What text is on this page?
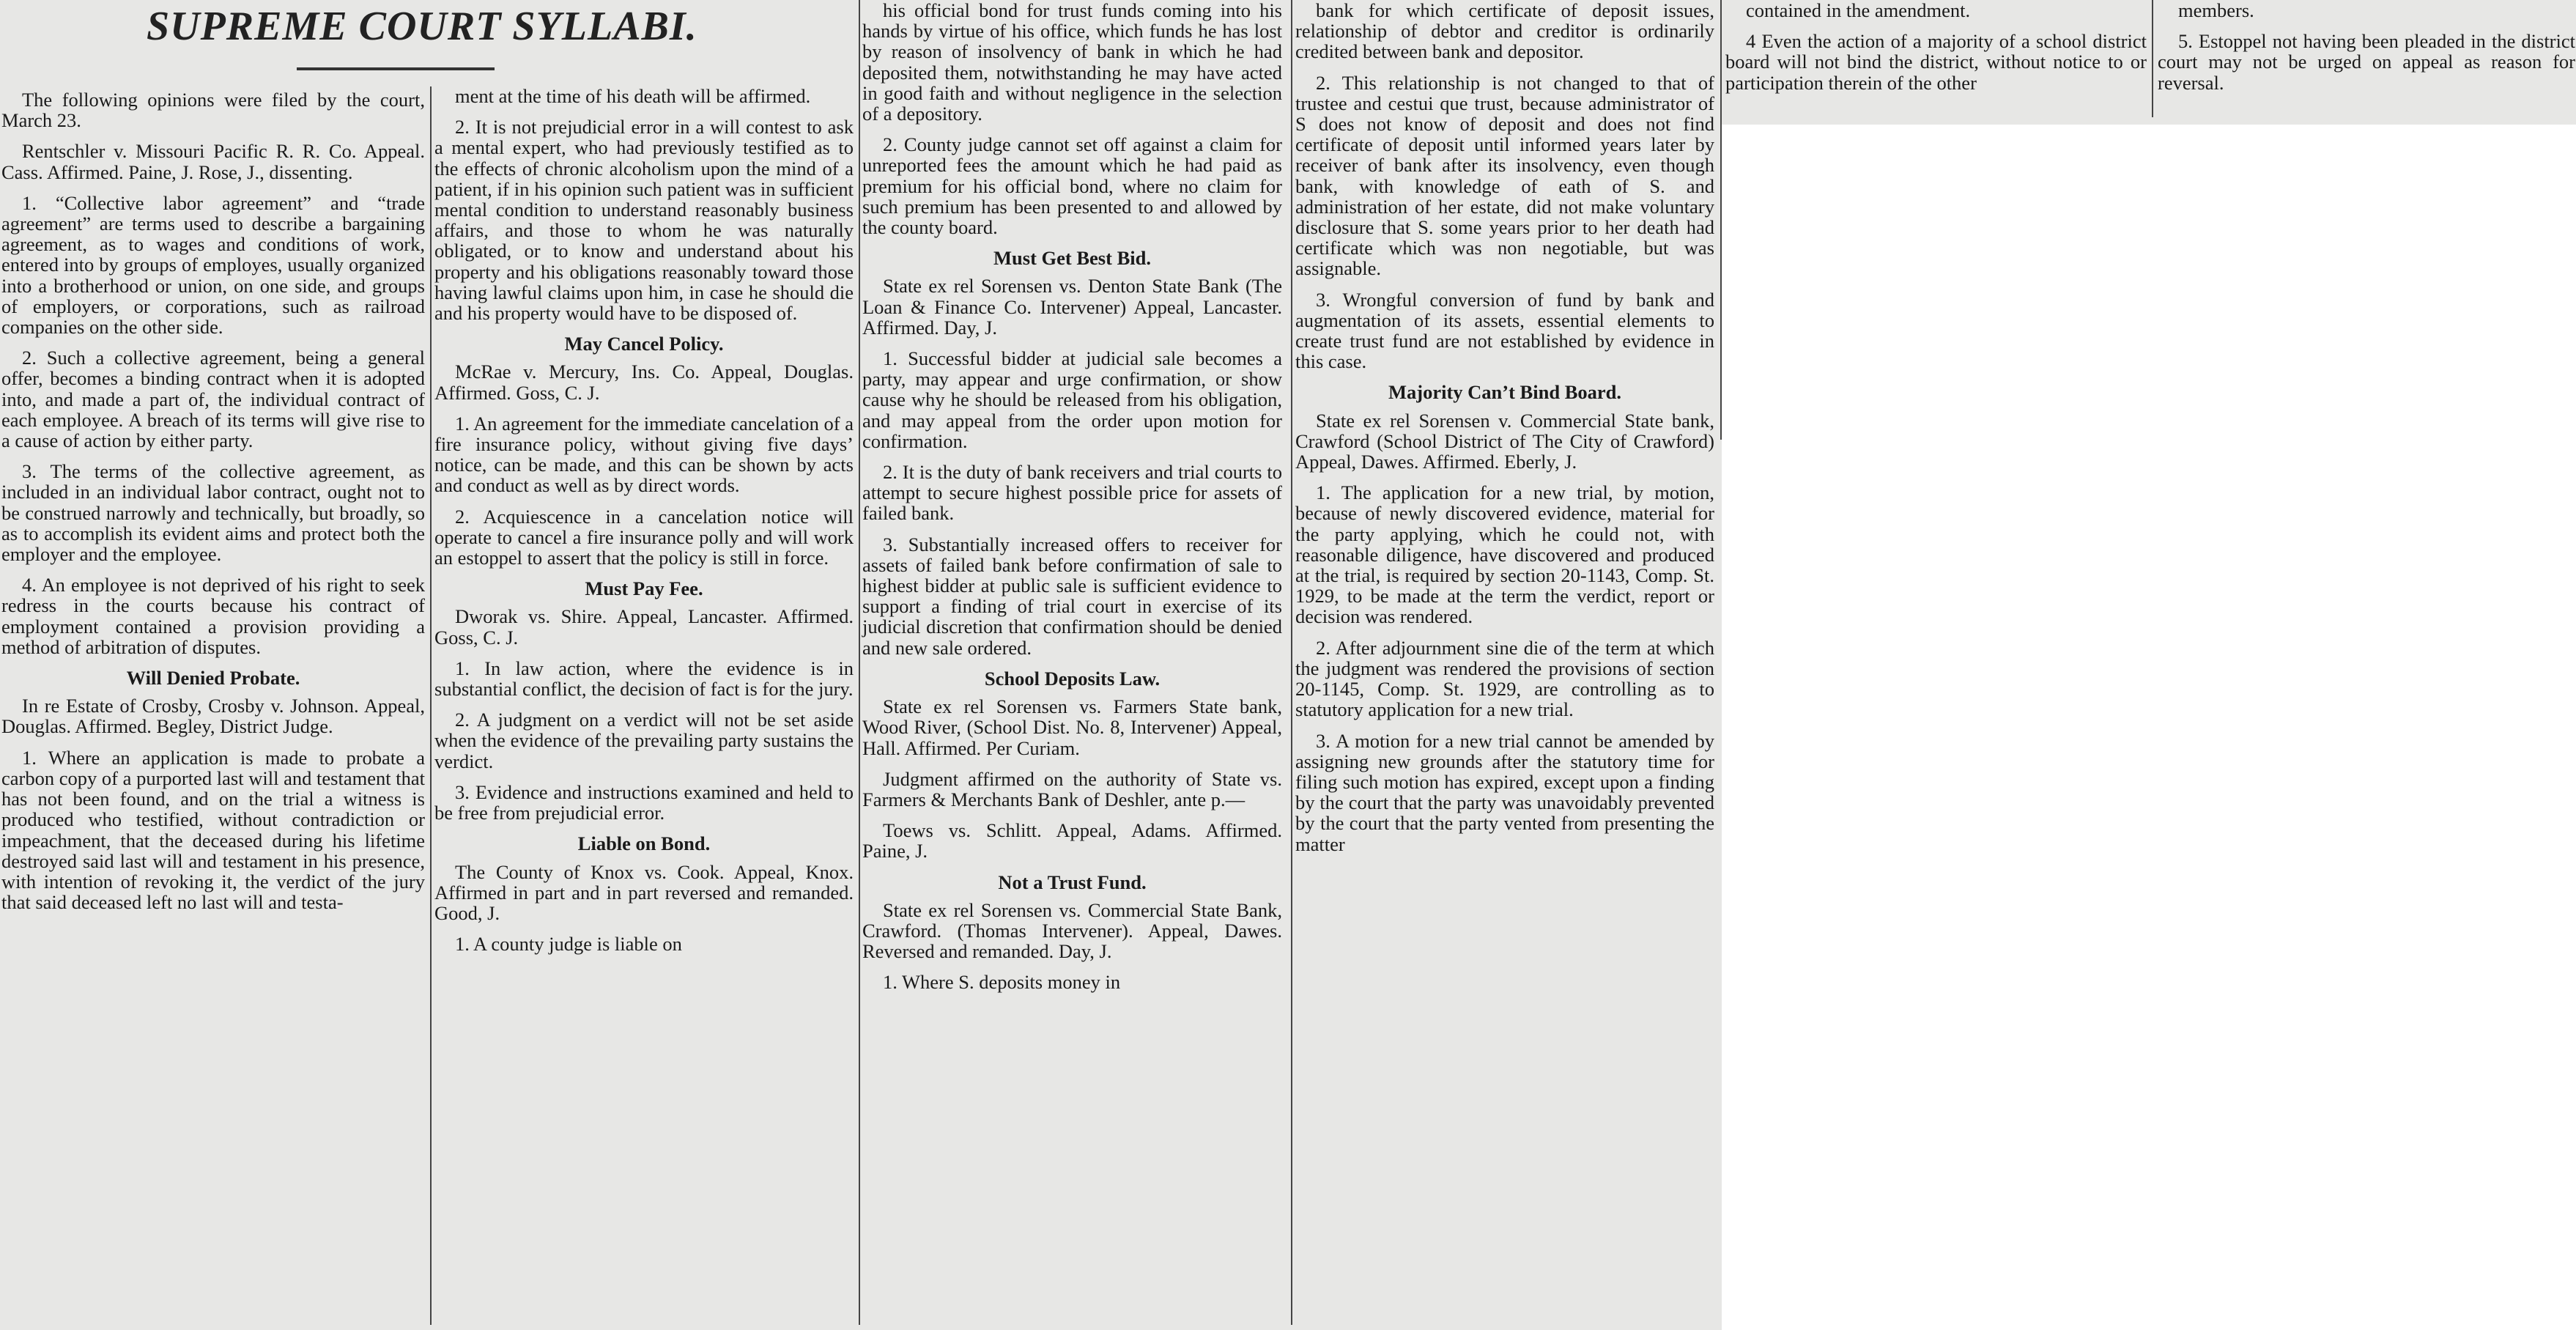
SUPREME COURT SYLLABI.

The following opinions were filed by the court, March 23.

Rentschler v. Missouri Pacific R. R. Co. Appeal. Cass. Affirmed. Paine, J. Rose, J., dissenting.

1. “Collective labor agreement” and “trade agreement” are terms used to describe a bargaining agreement, as to wages and conditions of work, entered into by groups of employes, usually organized into a brotherhood or union, on one side, and groups of employers, or corporations, such as railroad companies on the other side.

2. Such a collective agreement, being a general offer, becomes a binding contract when it is adopted into, and made a part of, the individual contract of each employee. A breach of its terms will give rise to a cause of action by either party.

3. The terms of the collective agreement, as included in an individual labor contract, ought not to be construed narrowly and technically, but broadly, so as to accomplish its evident aims and protect both the employer and the employee.

4. An employee is not deprived of his right to seek redress in the courts because his contract of employment contained a provision providing a method of arbitration of disputes.

Will Denied Probate.

In re Estate of Crosby, Crosby v. Johnson. Appeal, Douglas. Affirmed. Begley, District Judge.

1. Where an application is made to probate a carbon copy of a purported last will and testament that has not been found, and on the trial a witness is produced who testified, without contradiction or impeachment, that the deceased during his lifetime destroyed said last will and testament in his presence, with intention of revoking it, the verdict of the jury that said deceased left no last will and testa-

ment at the time of his death will be affirmed.

2. It is not prejudicial error in a will contest to ask a mental expert, who had previously testified as to the effects of chronic alcoholism upon the mind of a patient, if in his opinion such patient was in sufficient mental condition to understand reasonably business affairs, and those to whom he was naturally obligated, or to know and understand about his property and his obligations reasonably toward those having lawful claims upon him, in case he should die and his property would have to be disposed of.

May Cancel Policy.

McRae v. Mercury, Ins. Co. Appeal, Douglas. Affirmed. Goss, C. J.

1. An agreement for the immediate cancelation of a fire insurance policy, without giving five days’ notice, can be made, and this can be shown by acts and conduct as well as by direct words.

2. Acquiescence in a cancelation notice will operate to cancel a fire insurance polly and will work an estoppel to assert that the policy is still in force.

Must Pay Fee.

Dworak vs. Shire. Appeal, Lancaster. Affirmed. Goss, C. J.

1. In law action, where the evidence is in substantial conflict, the decision of fact is for the jury.

2. A judgment on a verdict will not be set aside when the evidence of the prevailing party sustains the verdict.

3. Evidence and instructions examined and held to be free from prejudicial error.

Liable on Bond.

The County of Knox vs. Cook. Appeal, Knox. Affirmed in part and in part reversed and remanded. Good, J.

1. A county judge is liable on

his official bond for trust funds coming into his hands by virtue of his office, which funds he has lost by reason of insolvency of bank in which he had deposited them, notwithstanding he may have acted in good faith and without negligence in the selection of a depository.

2. County judge cannot set off against a claim for unreported fees the amount which he had paid as premium for his official bond, where no claim for such premium has been presented to and allowed by the county board.

Must Get Best Bid.

State ex rel Sorensen vs. Denton State Bank (The Loan & Finance Co. Intervener) Appeal, Lancaster. Affirmed. Day, J.

1. Successful bidder at judicial sale becomes a party, may appear and urge confirmation, or show cause why he should be released from his obligation, and may appeal from the order upon motion for confirmation.

2. It is the duty of bank receivers and trial courts to attempt to secure highest possible price for assets of failed bank.

3. Substantially increased offers to receiver for assets of failed bank before confirmation of sale to highest bidder at public sale is sufficient evidence to support a finding of trial court in exercise of its judicial discretion that confirmation should be denied and new sale ordered.

School Deposits Law.

State ex rel Sorensen vs. Farmers State bank, Wood River, (School Dist. No. 8, Intervener) Appeal, Hall. Affirmed. Per Curiam.

Judgment affirmed on the authority of State vs. Farmers & Merchants Bank of Deshler, ante p.—

Toews vs. Schlitt. Appeal, Adams. Affirmed. Paine, J.

Not a Trust Fund.

State ex rel Sorensen vs. Commercial State Bank, Crawford. (Thomas Intervener). Appeal, Dawes. Reversed and remanded. Day, J.

1. Where S. deposits money in

bank for which certificate of deposit issues, relationship of debtor and creditor is ordinarily credited between bank and depositor.

2. This relationship is not changed to that of trustee and cestui que trust, because administrator of S does not know of deposit and does not find certificate of deposit until informed years later by receiver of bank after its insolvency, even though bank, with knowledge of eath of S. and administration of her estate, did not make voluntary disclosure that S. some years prior to her death had certificate which was non negotiable, but was assignable.

3. Wrongful conversion of fund by bank and augmentation of its assets, essential elements to create trust fund are not established by evidence in this case.

Majority Can’t Bind Board.

State ex rel Sorensen v. Commercial State bank, Crawford (School District of The City of Crawford) Appeal, Dawes. Affirmed. Eberly, J.

1. The application for a new trial, by motion, because of newly discovered evidence, material for the party applying, which he could not, with reasonable diligence, have discovered and produced at the trial, is required by section 20-1143, Comp. St. 1929, to be made at the term the verdict, report or decision was rendered.

2. After adjournment sine die of the term at which the judgment was rendered the provisions of section 20-1145, Comp. St. 1929, are controlling as to statutory application for a new trial.

3. A motion for a new trial cannot be amended by assigning new grounds after the statutory time for filing such motion has expired, except upon a finding by the court that the party was unavoidably prevented by the court that the party vented from presenting the matter

contained in the amendment.

4 Even the action of a majority of a school district board will not bind the district, without notice to or participation therein of the other

members.

5. Estoppel not having been pleaded in the district court may not be urged on appeal as reason for reversal.
